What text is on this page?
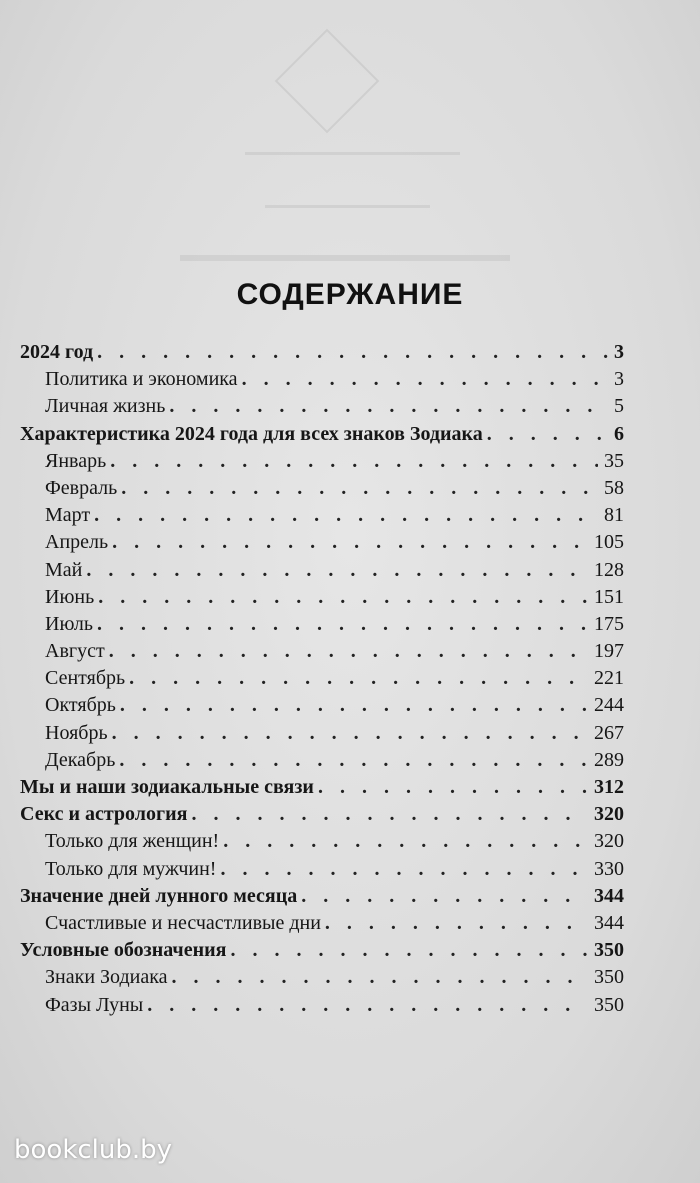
СОДЕРЖАНИЕ
2024 год . . .	3
Политика и экономика . . .	3
Личная жизнь . . .	5
Характеристика 2024 года для всех знаков Зодиака . . .	6
Январь . . .	35
Февраль . . .	58
Март . . .	81
Апрель . . .	105
Май . . .	128
Июнь . . .	151
Июль . . .	175
Август . . .	197
Сентябрь . . .	221
Октябрь . . .	244
Ноябрь . . .	267
Декабрь . . .	289
Мы и наши зодиакальные связи . . .	312
Секс и астрология . . .	320
Только для женщин! . . .	320
Только для мужчин! . . .	330
Значение дней лунного месяца . . .	344
Счастливые и несчастливые дни . . .	344
Условные обозначения . . .	350
Знаки Зодиака . . .	350
Фазы Луны . . .	350
bookclub.by
